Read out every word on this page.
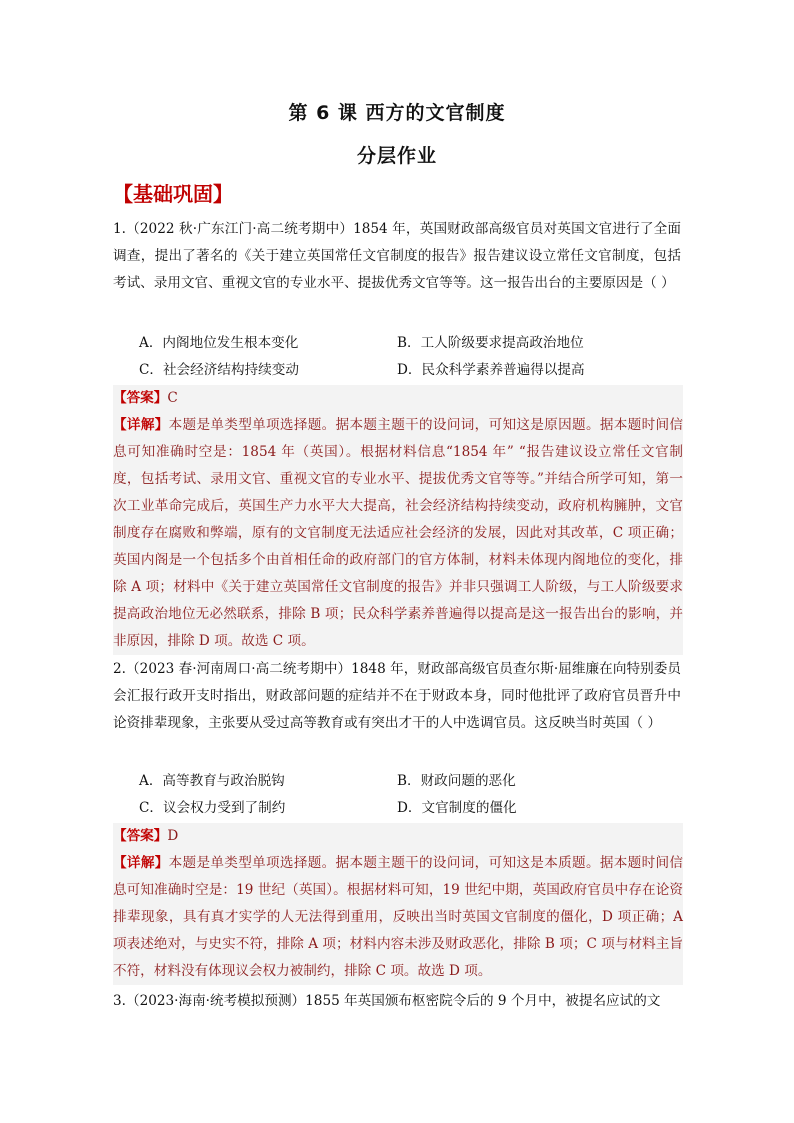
第 6 课 西方的文官制度
分层作业
【基础巩固】
1.（2022 秋·广东江门·高二统考期中）1854 年，英国财政部高级官员对英国文官进行了全面调查，提出了著名的《关于建立英国常任文官制度的报告》报告建议设立常任文官制度，包括考试、录用文官、重视文官的专业水平、提拔优秀文官等等。这一报告出台的主要原因是（ ）
A．内阁地位发生根本变化	B．工人阶级要求提高政治地位
C．社会经济结构持续变动	D．民众科学素养普遍得以提高
【答案】C
【详解】本题是单类型单项选择题。据本题主题干的设问词，可知这是原因题。据本题时间信息可知准确时空是：1854 年（英国）。根据材料信息“1854 年” “报告建议设立常任文官制度，包括考试、录用文官、重视文官的专业水平、提拔优秀文官等等。”并结合所学可知，第一次工业革命完成后，英国生产力水平大大提高，社会经济结构持续变动，政府机构臃肿，文官制度存在腐败和弊端，原有的文官制度无法适应社会经济的发展，因此对其改革，C 项正确；英国内阁是一个包括多个由首相任命的政府部门的官方体制，材料未体现内阁地位的变化，排除 A 项；材料中《关于建立英国常任文官制度的报告》并非只强调工人阶级，与工人阶级要求提高政治地位无必然联系，排除 B 项；民众科学素养普遍得以提高是这一报告出台的影响，并非原因，排除 D 项。故选 C 项。
2.（2023 春·河南周口·高二统考期中）1848 年，财政部高级官员查尔斯·屈维廉在向特别委员会汇报行政开支时指出，财政部问题的症结并不在于财政本身，同时他批评了政府官员晋升中论资排辈现象，主张要从受过高等教育或有突出才干的人中选调官员。这反映当时英国（ ）
A．高等教育与政治脱钩	B．财政问题的恶化
C．议会权力受到了制约	D．文官制度的僵化
【答案】D
【详解】本题是单类型单项选择题。据本题主题干的设问词，可知这是本质题。据本题时间信息可知准确时空是：19 世纪（英国）。根据材料可知，19 世纪中期，英国政府官员中存在论资排辈现象，具有真才实学的人无法得到重用，反映出当时英国文官制度的僵化，D 项正确；A 项表述绝对，与史实不符，排除 A 项；材料内容未涉及财政恶化，排除 B 项；C 项与材料主旨不符，材料没有体现议会权力被制约，排除 C 项。故选 D 项。
3.（2023·海南·统考模拟预测）1855 年英国颁布枢密院令后的 9 个月中，被提名应试的文
